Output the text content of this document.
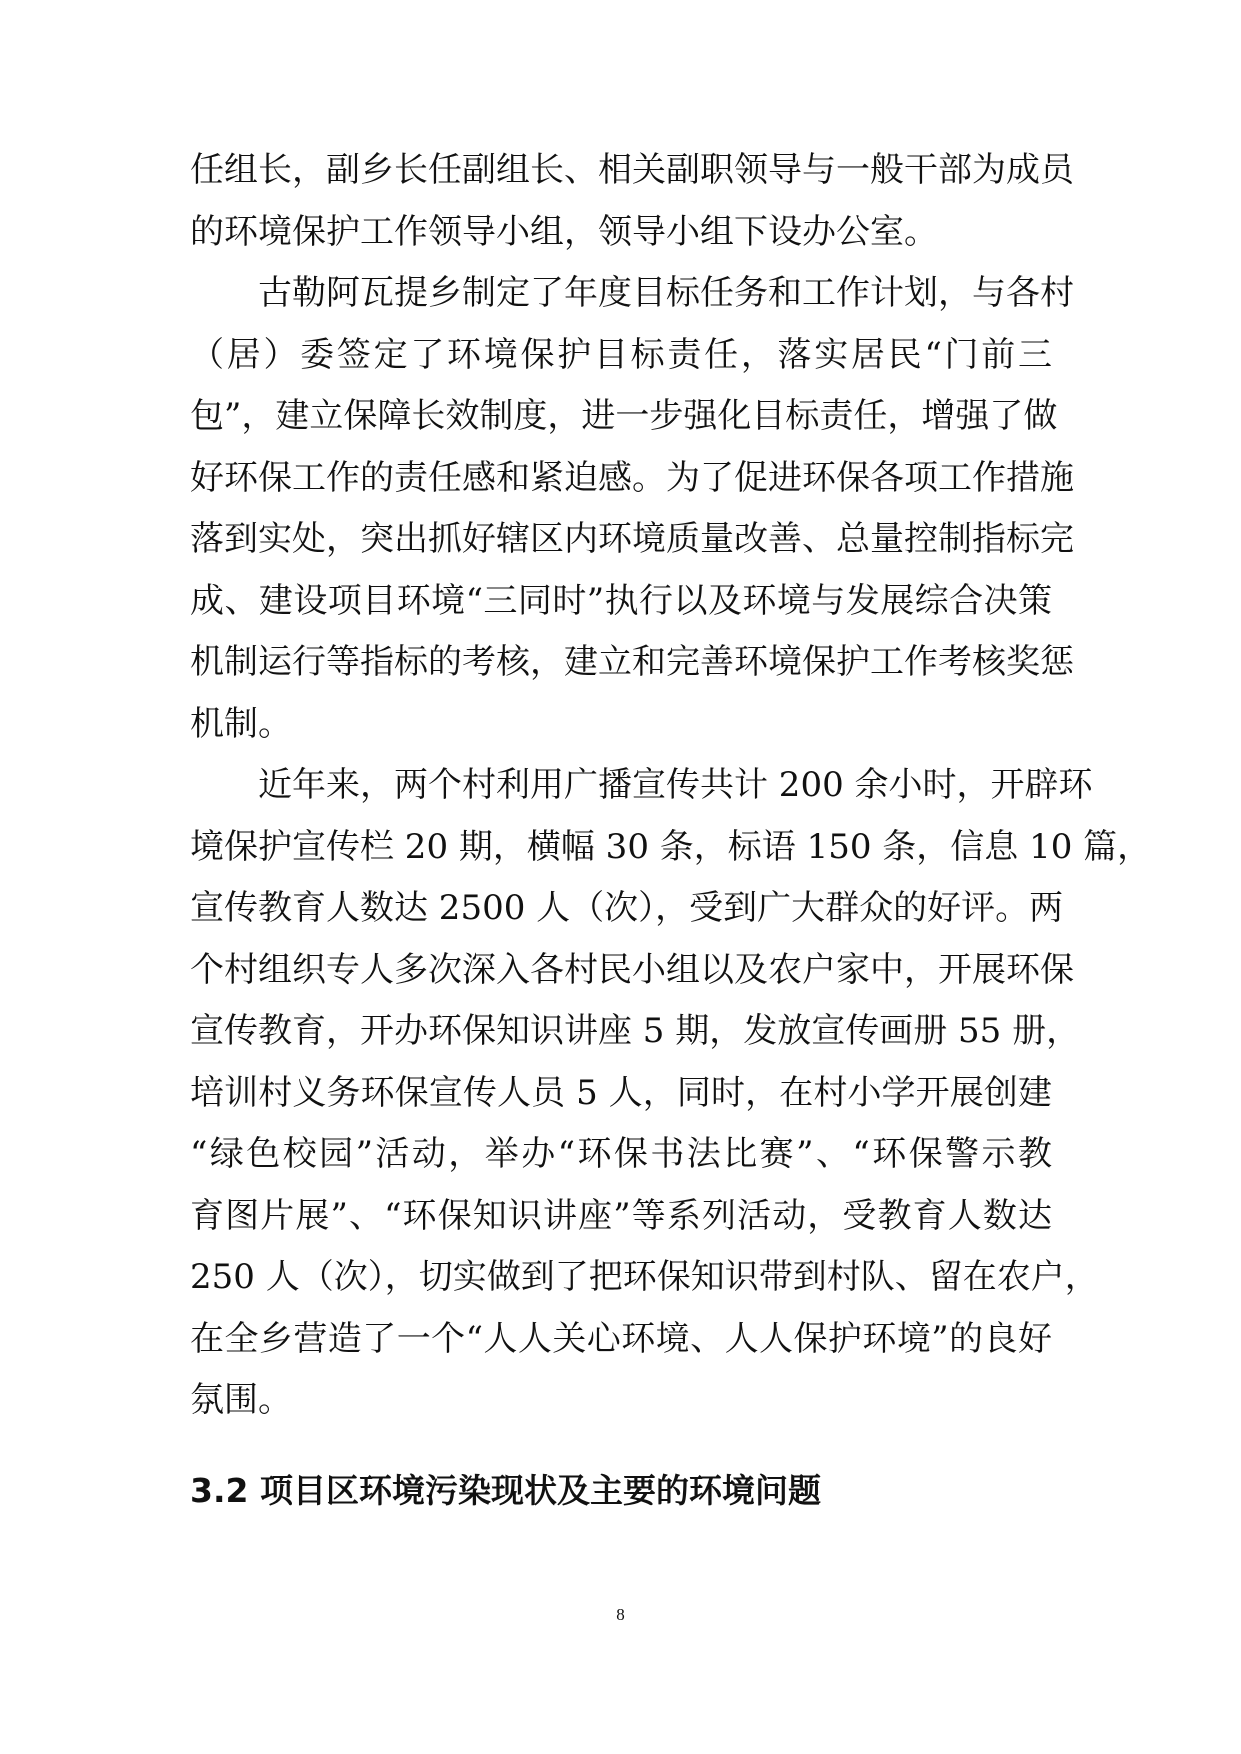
任组长，副乡长任副组长、相关副职领导与一般干部为成员
的环境保护工作领导小组，领导小组下设办公室。
古勒阿瓦提乡制定了年度目标任务和工作计划，与各村
（居）委签定了环境保护目标责任，落实居民“门前三
包”，建立保障长效制度，进一步强化目标责任，增强了做
好环保工作的责任感和紧迫感。为了促进环保各项工作措施
落到实处，突出抓好辖区内环境质量改善、总量控制指标完
成、建设项目环境“三同时”执行以及环境与发展综合决策
机制运行等指标的考核，建立和完善环境保护工作考核奖惩
机制。
近年来，两个村利用广播宣传共计 200 余小时，开辟环
境保护宣传栏 20 期，横幅 30 条，标语 150 条，信息 10 篇，
宣传教育人数达 2500 人（次），受到广大群众的好评。两
个村组织专人多次深入各村民小组以及农户家中，开展环保
宣传教育，开办环保知识讲座 5 期，发放宣传画册 55 册，
培训村义务环保宣传人员 5 人，同时，在村小学开展创建
“绿色校园”活动，举办“环保书法比赛”、“环保警示教
育图片展”、“环保知识讲座”等系列活动，受教育人数达
250 人（次），切实做到了把环保知识带到村队、留在农户，
在全乡营造了一个“人人关心环境、人人保护环境”的良好
氛围。
3.2 项目区环境污染现状及主要的环境问题
8
